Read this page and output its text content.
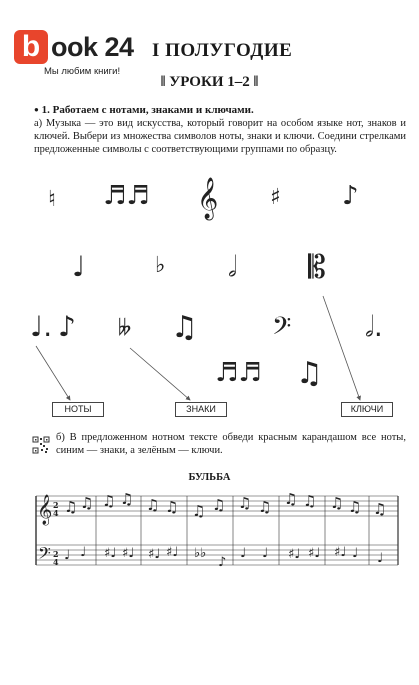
b ook 24
Мы любим книги!
I ПОЛУГОДИЕ
‖ УРОКИ 1–2 ‖
● 1. Работаем с нотами, знаками и ключами.
а) Музыка — это вид искусства, который говорит на особом языке нот, знаков и ключей. Выбери из множества символов ноты, знаки и ключи. Соедини стрелками предложенные символы с соответствующими группами по образцу.
♮ ♬♬ 𝄞 ♯ ♪
♩	♭ 𝅗𝅥 𝄡
♩. ♪ 𝄫 ♫ 𝄢	𝅗𝅥.
♬♬ ♫
НОТЫ	ЗНАКИ	КЛЮЧИ
б) В предложенном нотном тексте обведи красным карандашом все ноты, синим — знаки, а зелёным — ключи.
БУЛЬБА
𝄞
𝄢
2
4
2
4
♫ ♫ ♫ ♫ ♫ ♫ ♫ ♫ ♫ ♫ ♫ ♫ ♫ ♫ ♫
♩ ♩ ♯♩ ♯♩ ♯♩ ♯♩ ♭♭
♪
♩ ♩ ♯♩ ♯♩ ♯♩ ♩ ♩
